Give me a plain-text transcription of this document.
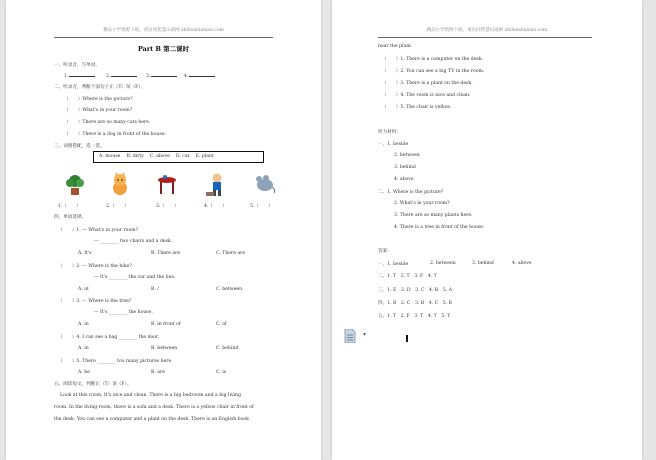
精品小学资源下载，请访问智慧山闹网 zhihuishanian.com
Part B 第二课时
一、听录音，写单词。
1.	2.	3.	4.
二、听录音，判断下面句子正（T）误（F）。
（　　）Where is the picture?
（　　）What's in your room?
（　　）There are so many cats here.
（　　）There is a dog in front of the house.
三、词图搭配，选一选。
A. mouse　 B. dirty　 C. above　 D. cat　 E. plant
1.（　　）	2.（　　）	3.（　　）	4.（　　）	5.（　　）
四、单项选择。
（　　）1. — What's in your room?
— ________ two chairs and a desk.
A. It's	B. There are	C. There are
（　　）2. — Where is the bike?
— It's ________ the car and the bus.
A. at	B. /	C. between
（　　）3. — Where is the tree?
— It's ________ the house.
A. in	B. in front of	C. of
（　　）4. I can see a bag ________ the door.
A. in	B. between	C. behind
（　　）5. There ________ too many pictures here.
A. be	B. are	C. is
五、阅读短文，判断正（T）误（F）。
Look at this room. It's nice and clean. There is a big bedroom and a big living
room. In the living room, there is a sofa and a desk. There is a yellow chair in front of
the desk. You can see a computer and a plant on the desk. There is an English book
精品小学资源下载，请访问智慧山闹网 zhihuishanian.com
near the plant.
（　　）1. There is a computer on the desk.
（　　）2. You can see a big TV in the room.
（　　）3. There is a plant on the desk.
（　　）4. The room is nice and clean.
（　　）5. The chair is yellow.
听力材料：
一、1. beside
2. between
3. behind
4. above
二、1. Where is the picture?
2. What's in your room?
3. There are so many plants here.
4. There is a tree in front of the house.
答案：
一、1. beside	2. between	3. behind	4. above
二、1. T　2. T　3. F　4. T
三、1. E　2. D　3. C　4. B　5. A
四、1. B　2. C　3. B　4. C　5. B
五、1. T　2. F　3. T　4. T　5. T
▾
